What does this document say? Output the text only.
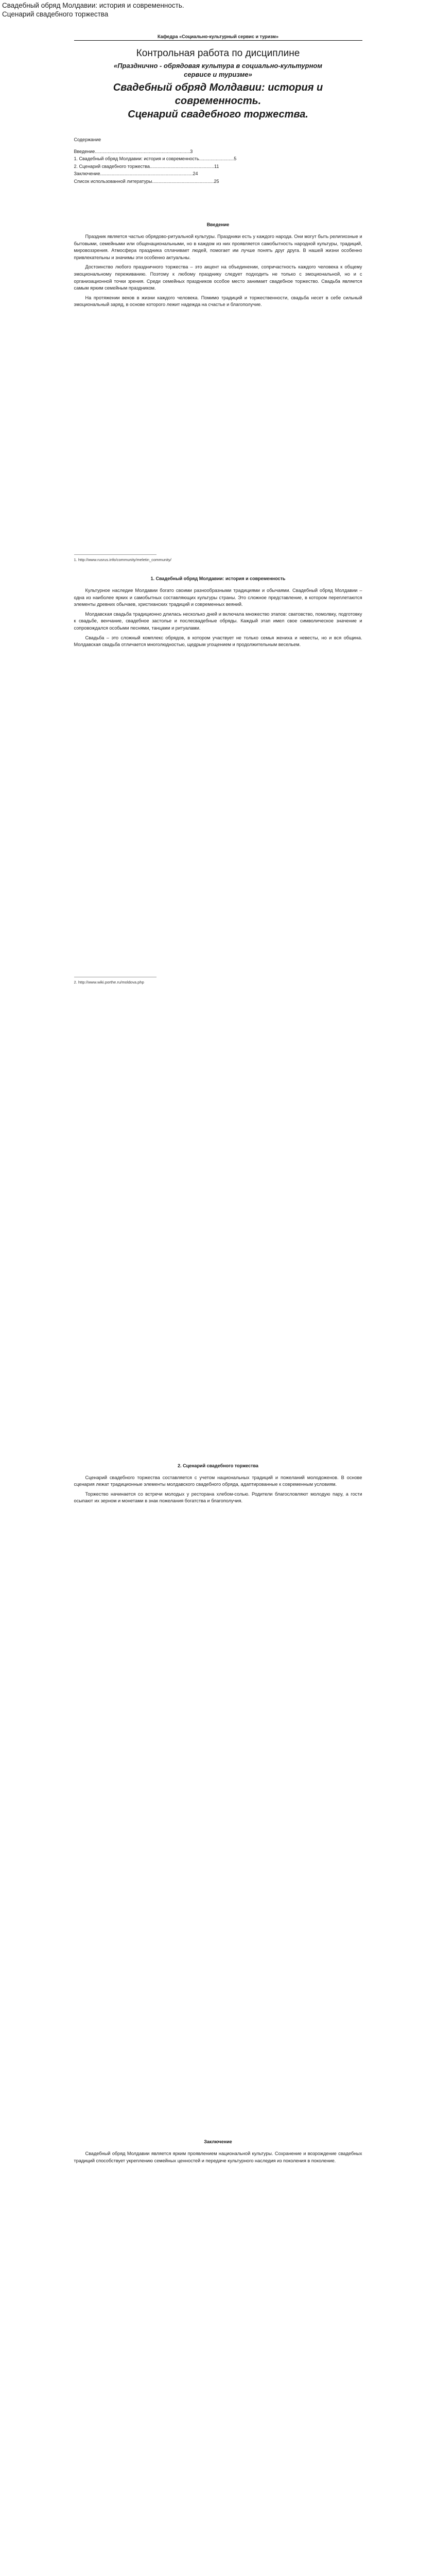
Свадебный обряд Молдавии: история и современность.
Сценарий свадебного торжества
Кафедра «Социально-культурный сервис и туризм»
Контрольная работа по дисциплине
«Праздничнo - обрядовая культура в социально-культурном сервисе и туризме»
Свадебный обряд Молдавии: история и современность.
Сценарий свадебного торжества.
Содержание
Введение..........................................................................3
1. Свадебный обряд Молдавии: история и современность...........................5
2. Сценарий свадебного торжества..................................................11
Заключение........................................................................24
Список использованной литературы................................................25
Введение

Праздник является частью обрядово-ритуальной культуры. Праздники есть у каждого народа. Они могут быть религиозные и бытовыми, семейными или общенациональными, но в каждом из них проявляется самобытность народной культуры, традиций, мировоззрения. Атмосфера праздника сплачивает людей, помогает им лучше понять друг друга. В нашей жизни особенно привлекательны и значимы эти особенно актуальны.

Достоинство любого праздничного торжества – это акцент на объединении, сопричастность каждого человека к общему эмоциональному переживанию. Поэтому к любому празднику следует подходить не только с эмоциональной, но и с организационной точки зрения. Среди семейных праздников особое место занимает свадебное торжество. Свадьба является самым ярким семейным праздником.

На протяжении веков в жизни каждого человека. Помимо традиций и торжественности, свадьба несет в себе сильный эмоциональный заряд, в основе которого лежит надежда на счастье и благополучие.

1. http://www.rusrus.info/community/meletin_community/

1. Свадебный обряд Молдавии: история и современность

Культурное наследие Молдавии богато своими разнообразными традициями и обычаями. Свадебный обряд Молдавии – одна из наиболее ярких и самобытных составляющих культуры страны. Это сложное представление, в котором переплетаются элементы древних обычаев, христианских традиций и современных веяний.

Молдавская свадьба традиционно длилась несколько дней и включала множество этапов: сватовство, помолвку, подготовку к свадьбе, венчание, свадебное застолье и послесвадебные обряды. Каждый этап имел свое символическое значение и сопровождался особыми песнями, танцами и ритуалами.

Свадьба – это сложный комплекс обрядов, в котором участвует не только семья жениха и невесты, но и вся община. Молдавская свадьба отличается многолюдностью, щедрым угощением и продолжительным весельем.

2. http://www.wiki.porthe.ru/moldova.php

2. Сценарий свадебного торжества

Сценарий свадебного торжества составляется с учетом национальных традиций и пожеланий молодоженов. В основе сценария лежат традиционные элементы молдавского свадебного обряда, адаптированные к современным условиям.

Торжество начинается со встречи молодых у ресторана хлебом-солью. Родители благословляют молодую пару, а гости осыпают их зерном и монетами в знак пожелания богатства и благополучия.

Заключение

Свадебный обряд Молдавии является ярким проявлением национальной культуры. Сохранение и возрождение свадебных традиций способствует укреплению семейных ценностей и передаче культурного наследия из поколения в поколение.
